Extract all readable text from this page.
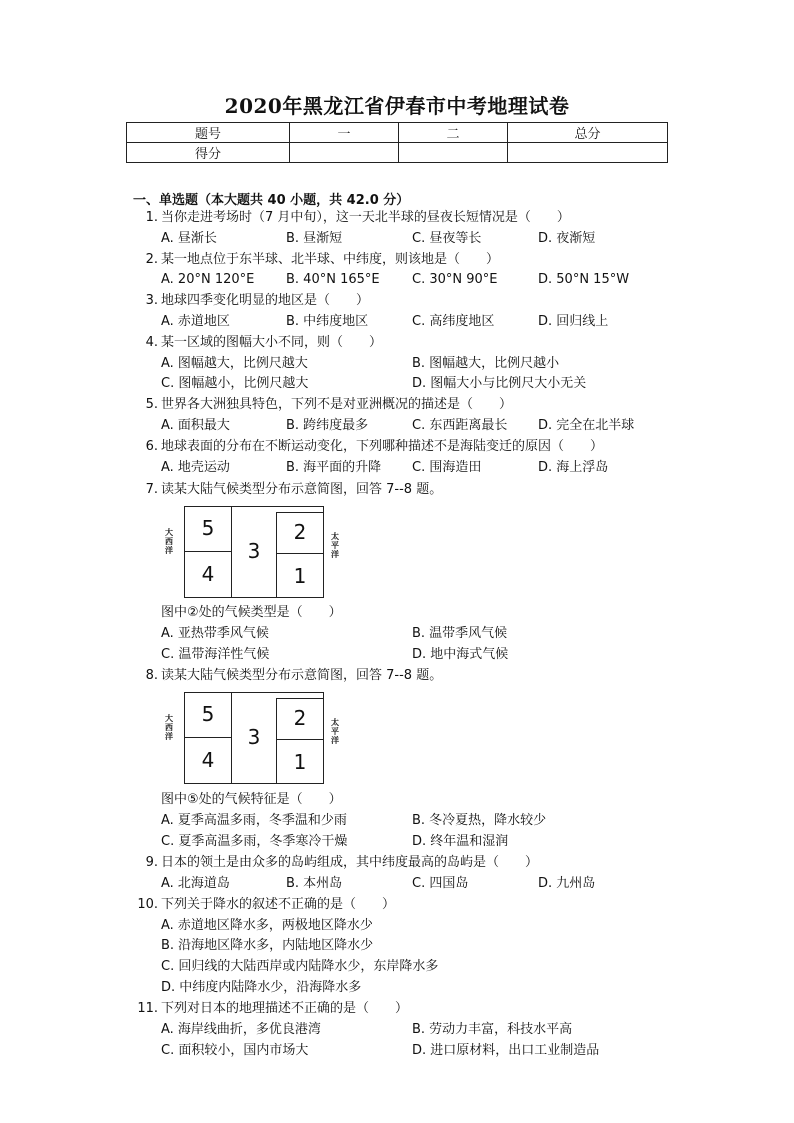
2020年黑龙江省伊春市中考地理试卷
题号	一	二	总分
得分			
一、单选题（本大题共 40 小题，共 42.0 分）
1. 当你走进考场时（7 月中旬），这一天北半球的昼夜长短情况是（　　）
A. 昼渐长	B. 昼渐短	C. 昼夜等长	D. 夜渐短
2. 某一地点位于东半球、北半球、中纬度，则该地是（　　）
A. 20°N 120°E B. 40°N 165°E C. 30°N 90°E	D. 50°N 15°W
3. 地球四季变化明显的地区是（　　）
A. 赤道地区	B. 中纬度地区	C. 高纬度地区	D. 回归线上
4. 某一区域的图幅大小不同，则（　　）
A. 图幅越大，比例尺越大	B. 图幅越大，比例尺越小
C. 图幅越小，比例尺越大	D. 图幅大小与比例尺大小无关
5. 世界各大洲独具特色，下列不是对亚洲概况的描述是（　　）
A. 面积最大	B. 跨纬度最多	C. 东西距离最长 D. 完全在北半球
6. 地球表面的分布在不断运动变化，下列哪种描述不是海陆变迁的原因（　　）
A. 地壳运动	B. 海平面的升降 C. 围海造田	D. 海上浮岛
7. 读某大陆气候类型分布示意简图，回答 7--8 题。
大
西
洋
5
4
3
2
1
太
平
洋
图中②处的气候类型是（　　）
A. 亚热带季风气候	B. 温带季风气候
C. 温带海洋性气候	D. 地中海式气候
8. 读某大陆气候类型分布示意简图，回答 7--8 题。
大
西
洋
5
4
3
2
1
太
平
洋
图中⑤处的气候特征是（　　）
A. 夏季高温多雨，冬季温和少雨	B. 冬冷夏热，降水较少
C. 夏季高温多雨，冬季寒冷干燥	D. 终年温和湿润
9. 日本的领土是由众多的岛屿组成，其中纬度最高的岛屿是（　　）
A. 北海道岛	B. 本州岛	C. 四国岛	D. 九州岛
10. 下列关于降水的叙述不正确的是（　　）
A. 赤道地区降水多，两极地区降水少
B. 沿海地区降水多，内陆地区降水少
C. 回归线的大陆西岸或内陆降水少，东岸降水多
D. 中纬度内陆降水少，沿海降水多
11. 下列对日本的地理描述不正确的是（　　）
A. 海岸线曲折，多优良港湾	B. 劳动力丰富，科技水平高
C. 面积较小，国内市场大	D. 进口原材料，出口工业制造品
